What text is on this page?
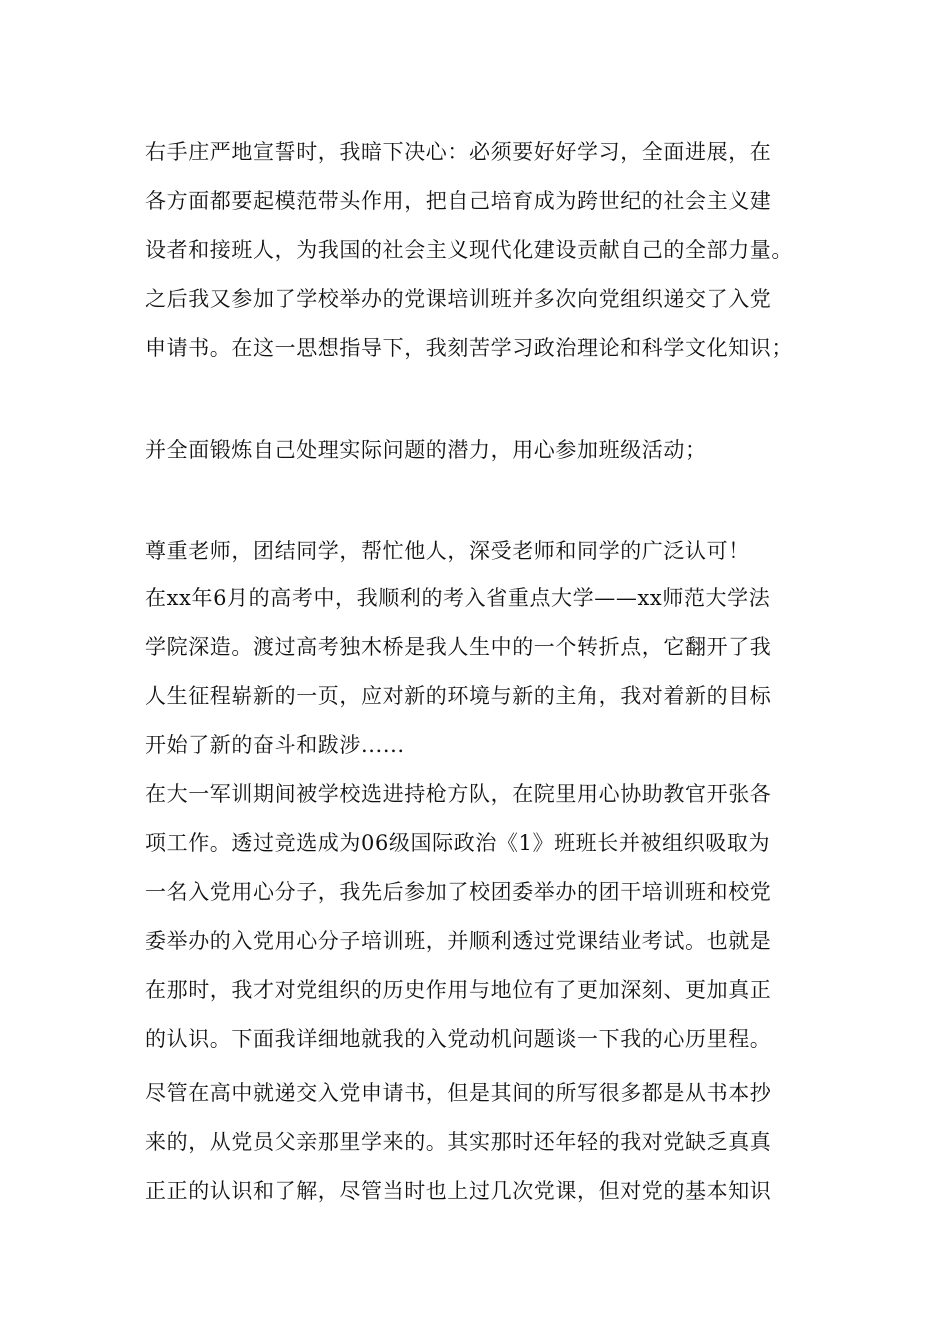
右手庄严地宣誓时，我暗下决心：必须要好好学习，全面进展，在
各方面都要起模范带头作用，把自己培育成为跨世纪的社会主义建
设者和接班人，为我国的社会主义现代化建设贡献自己的全部力量。
之后我又参加了学校举办的党课培训班并多次向党组织递交了入党
申请书。在这一思想指导下，我刻苦学习政治理论和科学文化知识；
并全面锻炼自己处理实际问题的潜力，用心参加班级活动；
尊重老师，团结同学，帮忙他人，深受老师和同学的广泛认可！
在xx年6月的高考中，我顺利的考入省重点大学——xx师范大学法
学院深造。渡过高考独木桥是我人生中的一个转折点，它翻开了我
人生征程崭新的一页，应对新的环境与新的主角，我对着新的目标
开始了新的奋斗和跋涉......
在大一军训期间被学校选进持枪方队，在院里用心协助教官开张各
项工作。透过竞选成为06级国际政治《1》班班长并被组织吸取为
一名入党用心分子，我先后参加了校团委举办的团干培训班和校党
委举办的入党用心分子培训班，并顺利透过党课结业考试。也就是
在那时，我才对党组织的历史作用与地位有了更加深刻、更加真正
的认识。下面我详细地就我的入党动机问题谈一下我的心历里程。
尽管在高中就递交入党申请书，但是其间的所写很多都是从书本抄
来的，从党员父亲那里学来的。其实那时还年轻的我对党缺乏真真
正正的认识和了解，尽管当时也上过几次党课，但对党的基本知识
